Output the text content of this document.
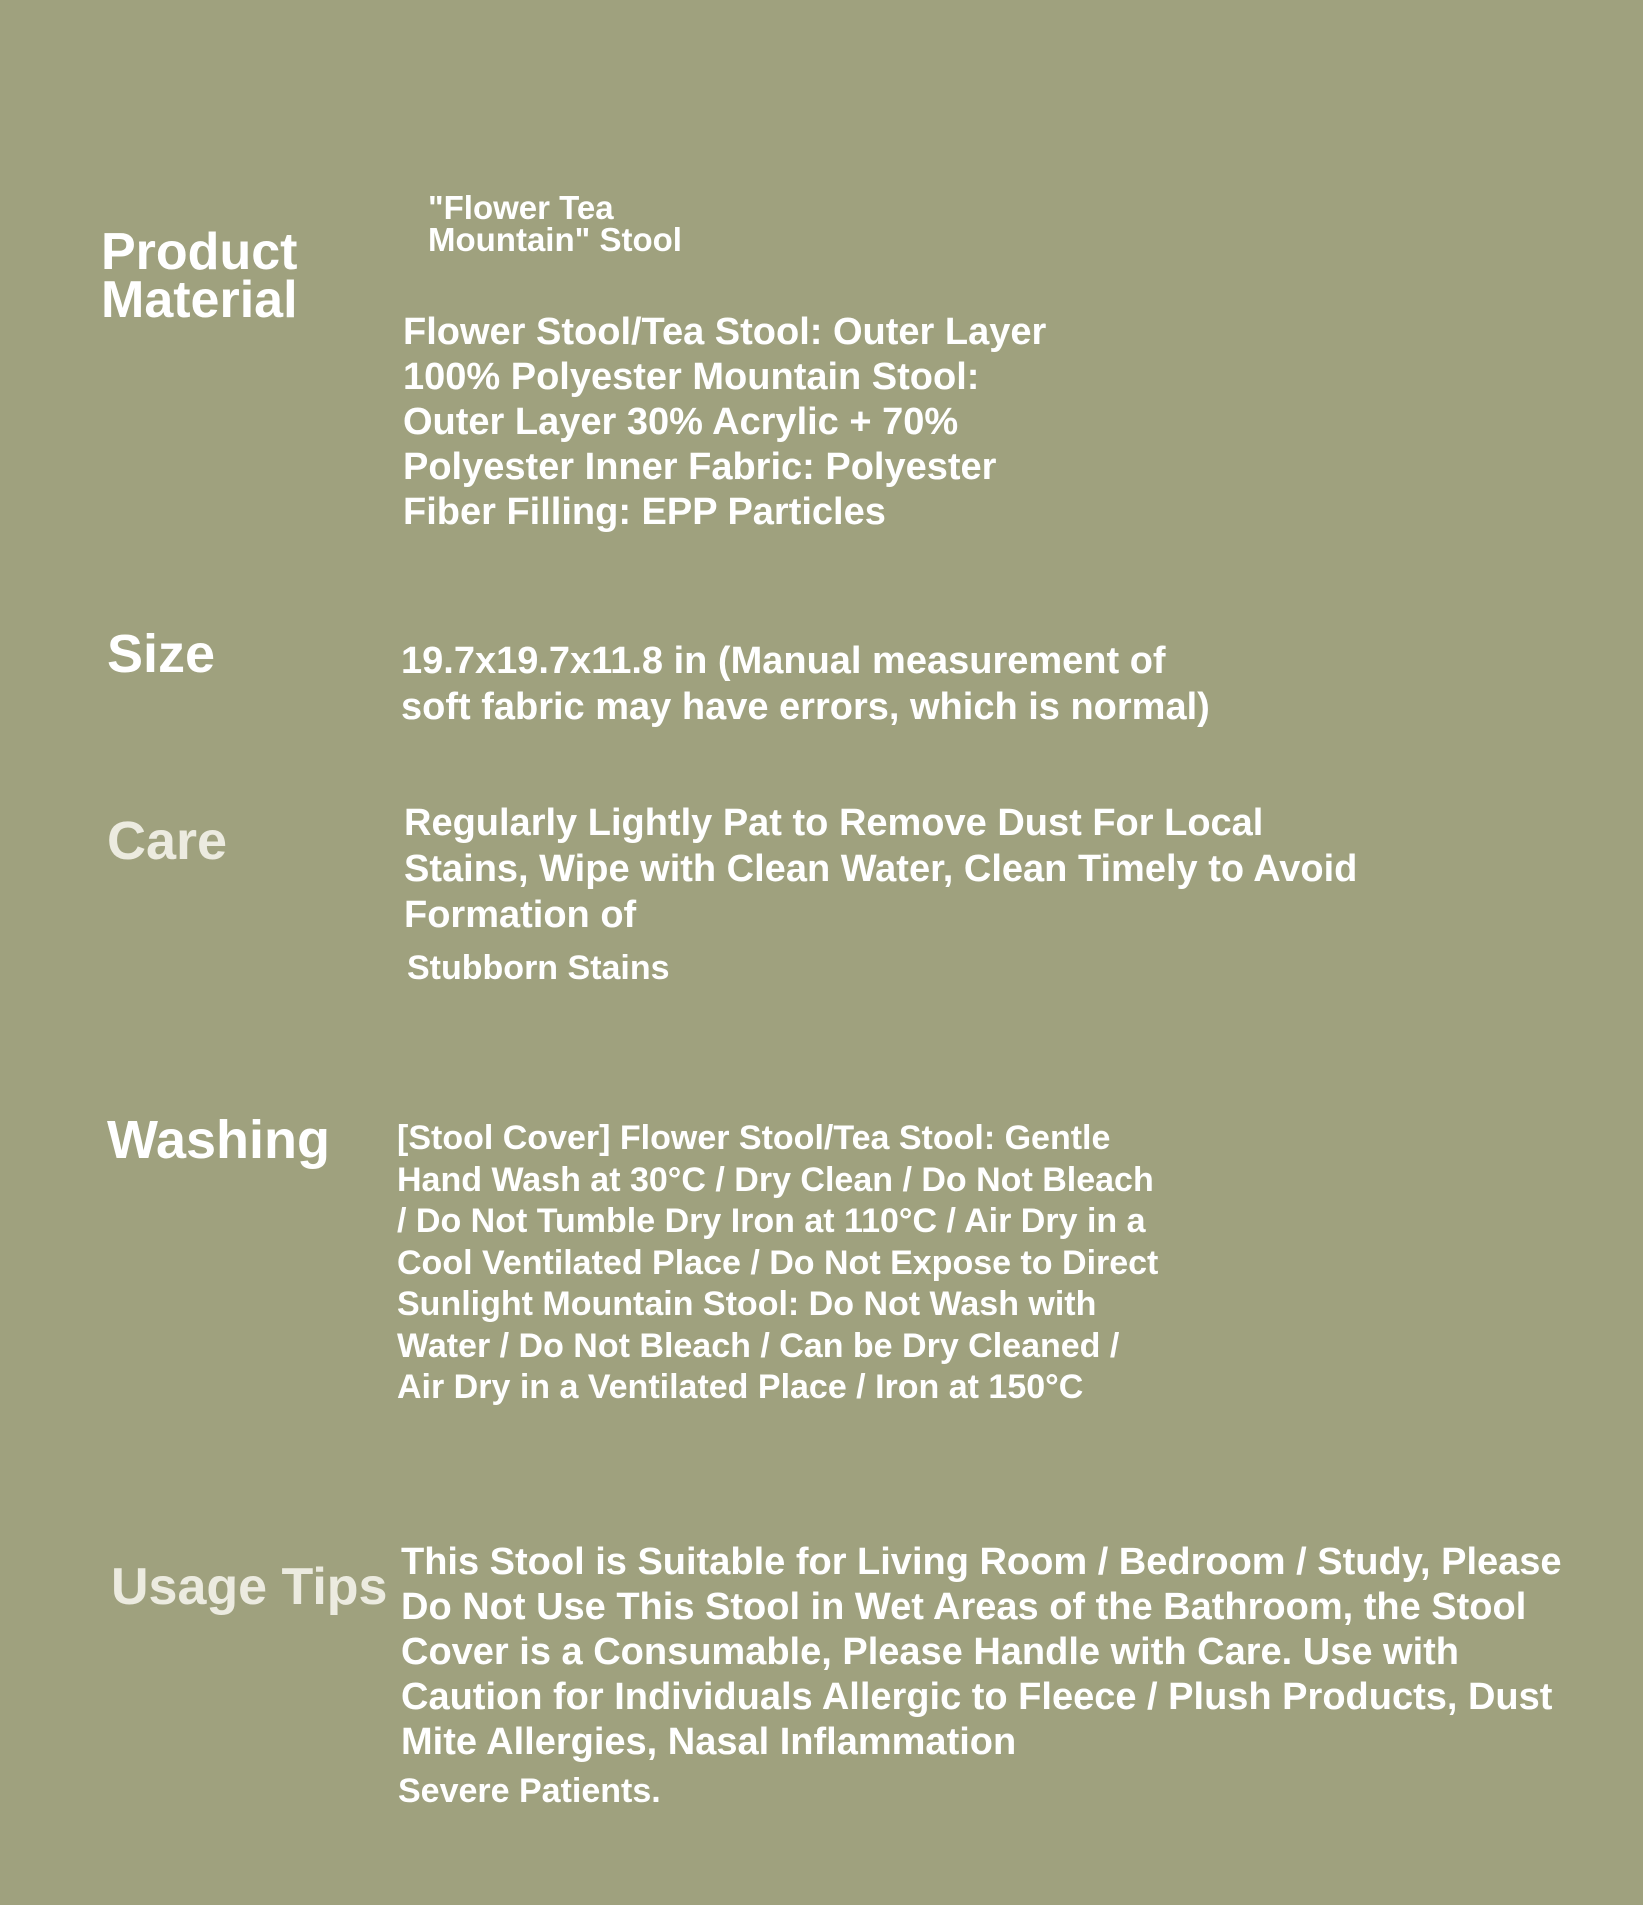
"Flower Tea
Mountain" Stool
Product
Material
Flower Stool/Tea Stool: Outer Layer
100% Polyester Mountain Stool:
Outer Layer 30% Acrylic + 70%
Polyester Inner Fabric: Polyester
Fiber Filling: EPP Particles
Size	19.7x19.7x11.8 in (Manual measurement of
soft fabric may have errors, which is normal)
Care	Regularly Lightly Pat to Remove Dust For Local
Stains, Wipe with Clean Water, Clean Timely to Avoid
Formation of
Stubborn Stains
Washing [Stool Cover] Flower Stool/Tea Stool: Gentle
Hand Wash at 30°C / Dry Clean / Do Not Bleach
/ Do Not Tumble Dry Iron at 110°C / Air Dry in a
Cool Ventilated Place / Do Not Expose to Direct
Sunlight Mountain Stool: Do Not Wash with
Water / Do Not Bleach / Can be Dry Cleaned /
Air Dry in a Ventilated Place / Iron at 150°C
Usage Tips This Stool is Suitable for Living Room / Bedroom / Study, Please
Do Not Use This Stool in Wet Areas of the Bathroom, the Stool
Cover is a Consumable, Please Handle with Care. Use with
Caution for Individuals Allergic to Fleece / Plush Products, Dust
Mite Allergies, Nasal Inflammation
Severe Patients.
